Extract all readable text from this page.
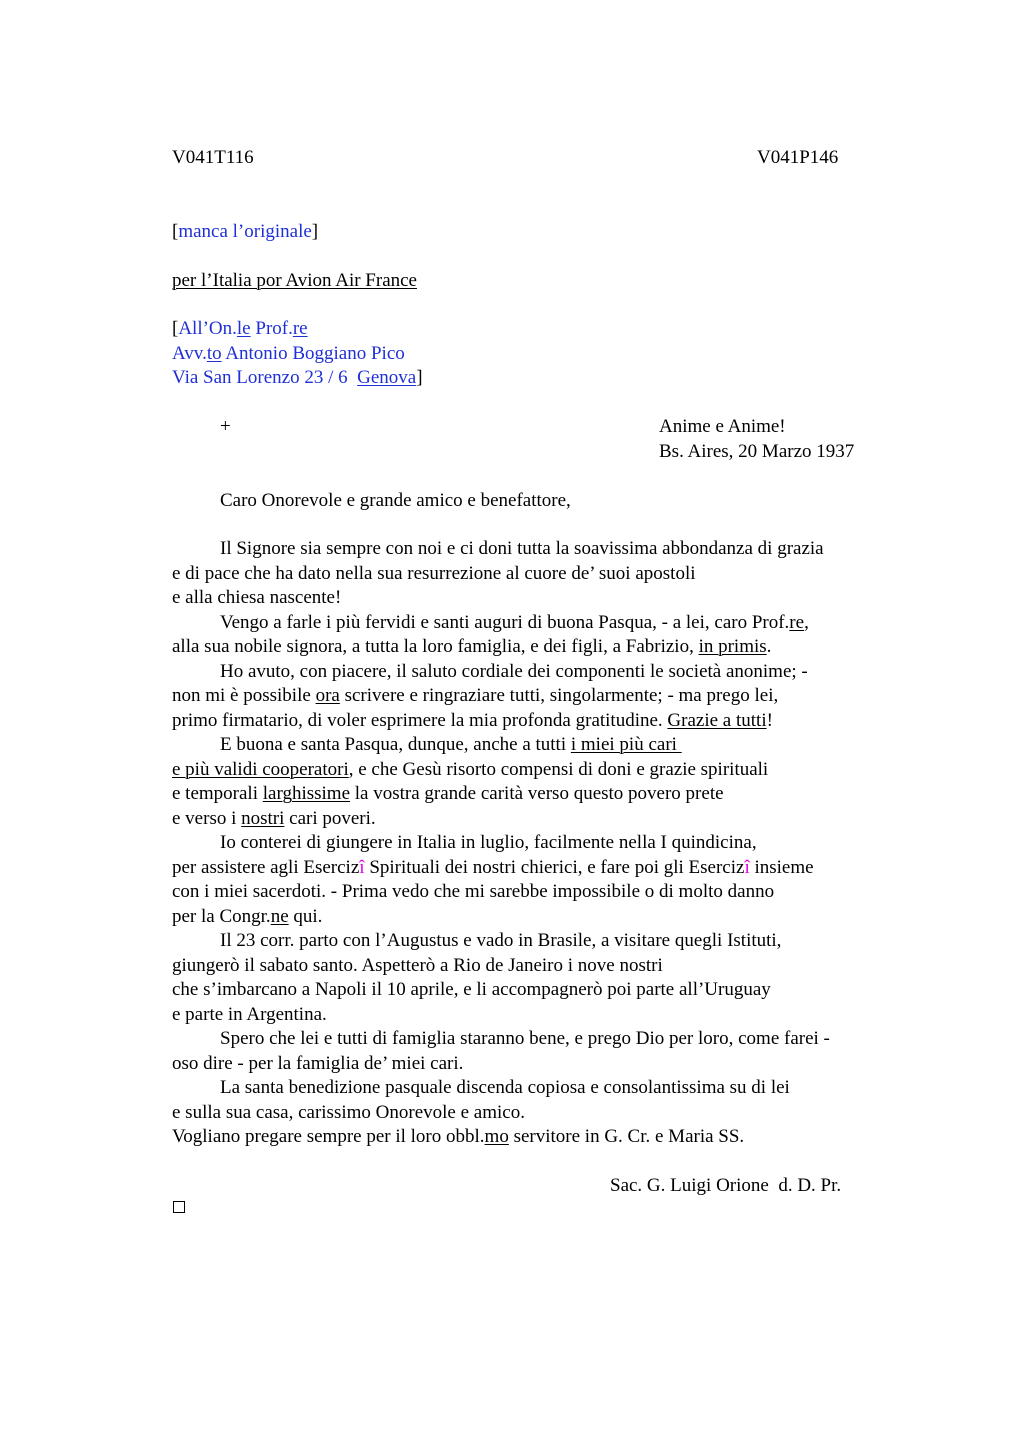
V041T116	V041P146
[manca l’originale]
per l’Italia por Avion Air France
[All’On.le Prof.re
Avv.to Antonio Boggiano Pico
Via San Lorenzo 23 / 6  Genova]
+	Anime e Anime!
Bs. Aires, 20 Marzo 1937
Caro Onorevole e grande amico e benefattore,
Il Signore sia sempre con noi e ci doni tutta la soavissima abbondanza di grazia
e di pace che ha dato nella sua resurrezione al cuore de’ suoi apostoli
e alla chiesa nascente!
Vengo a farle i più fervidi e santi auguri di buona Pasqua, - a lei, caro Prof.re,
alla sua nobile signora, a tutta la loro famiglia, e dei figli, a Fabrizio, in primis.
Ho avuto, con piacere, il saluto cordiale dei componenti le società anonime; -
non mi è possibile ora scrivere e ringraziare tutti, singolarmente; - ma prego lei,
primo firmatario, di voler esprimere la mia profonda gratitudine. Grazie a tutti!
E buona e santa Pasqua, dunque, anche a tutti i miei più cari
e più validi cooperatori, e che Gesù risorto compensi di doni e grazie spirituali
e temporali larghissime la vostra grande carità verso questo povero prete
e verso i nostri cari poveri.
Io conterei di giungere in Italia in luglio, facilmente nella I quindicina,
per assistere agli Esercizî Spirituali dei nostri chierici, e fare poi gli Esercizî insieme
con i miei sacerdoti. - Prima vedo che mi sarebbe impossibile o di molto danno
per la Congr.ne qui.
Il 23 corr. parto con l’Augustus e vado in Brasile, a visitare quegli Istituti,
giungerò il sabato santo. Aspetterò a Rio de Janeiro i nove nostri
che s’imbarcano a Napoli il 10 aprile, e li accompagnerò poi parte all’Uruguay
e parte in Argentina.
Spero che lei e tutti di famiglia staranno bene, e prego Dio per loro, come farei -
oso dire - per la famiglia de’ miei cari.
La santa benedizione pasquale discenda copiosa e consolantissima su di lei
e sulla sua casa, carissimo Onorevole e amico.
Vogliano pregare sempre per il loro obbl.mo servitore in G. Cr. e Maria SS.
Sac. G. Luigi Orione  d. D. Pr.
